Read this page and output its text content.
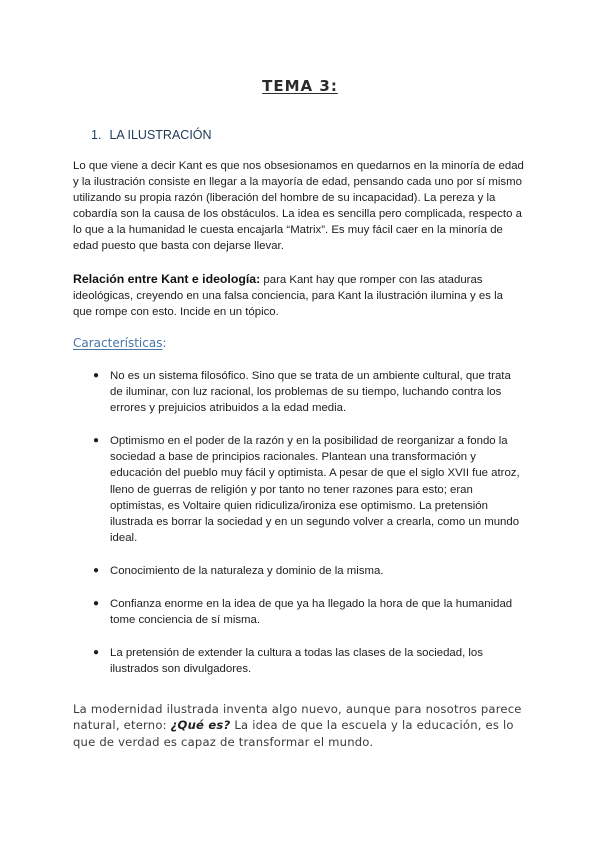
TEMA 3:
1. LA ILUSTRACIÓN

Lo que viene a decir Kant es que nos obsesionamos en quedarnos en la minoría de edad y la ilustración consiste en llegar a la mayoría de edad, pensando cada uno por sí mismo utilizando su propia razón (liberación del hombre de su incapacidad). La pereza y la cobardía son la causa de los obstáculos. La idea es sencilla pero complicada, respecto a lo que a la humanidad le cuesta encajarla “Matrix”. Es muy fácil caer en la minoría de edad puesto que basta con dejarse llevar.

Relación entre Kant e ideología: para Kant hay que romper con las ataduras ideológicas, creyendo en una falsa conciencia, para Kant la ilustración ilumina y es la que rompe con esto. Incide en un tópico.

Características:
● No es un sistema filosófico. Sino que se trata de un ambiente cultural, que trata de iluminar, con luz racional, los problemas de su tiempo, luchando contra los errores y prejuicios atribuidos a la edad media.
● Optimismo en el poder de la razón y en la posibilidad de reorganizar a fondo la sociedad a base de principios racionales. Plantean una transformación y educación del pueblo muy fácil y optimista. A pesar de que el siglo XVII fue atroz, lleno de guerras de religión y por tanto no tener razones para esto; eran optimistas, es Voltaire quien ridiculiza/ironiza ese optimismo. La pretensión ilustrada es borrar la sociedad y en un segundo volver a crearla, como un mundo ideal.
● Conocimiento de la naturaleza y dominio de la misma.
● Confianza enorme en la idea de que ya ha llegado la hora de que la humanidad tome conciencia de sí misma.
● La pretensión de extender la cultura a todas las clases de la sociedad, los ilustrados son divulgadores.
La modernidad ilustrada inventa algo nuevo, aunque para nosotros parece natural, eterno: ¿Qué es? La idea de que la escuela y la educación, es lo que de verdad es capaz de transformar el mundo.
